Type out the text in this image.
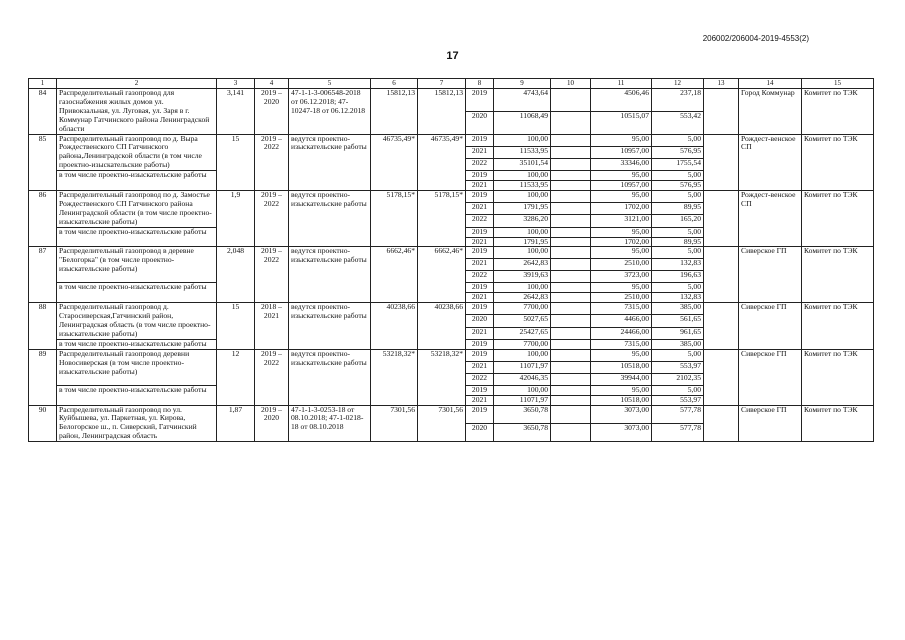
206002/206004-2019-4553(2)
17
1	2	3	4	5	6	7	8	9	10	11	12	13	14	15
84	Распределительный газопровод для газоснабжения жилых домов ул. Привокзальная, ул. Луговая, ул. Заря в г. Коммунар Гатчинского района Ленинградской области	3,141	2019 – 2020	47-1-1-3-006548-2018 от 06.12.2018; 47-10247-18 от 06.12.2018	15812,13	15812,13	2019	4743,64		4506,46	237,18		Город Коммунар	Комитет по ТЭК
							2020	11068,49		10515,07	553,42			
85	Распределительный газопровод по д. Выра Рождественского СП Гатчинского района,Ленинградской области (в том числе проектно-изыскательские работы)	15	2019 – 2022	ведутся проектно-изыскательские работы	46735,49*	46735,49*	2019	100,00		95,00	5,00		Рождест-венское СП	Комитет по ТЭК
							2021	11533,95		10957,00	576,95			
							2022	35101,54		33346,00	1755,54			
	в том числе проектно-изыскательские работы						2019	100,00		95,00	5,00			
							2021	11533,95		10957,00	576,95			
86	Распределительный газопровод по д. Замостье Рождественского СП Гатчинского района Ленинградской области (в том числе проектно-изыскательские работы)	1,9	2019 – 2022	ведутся проектно-изыскательские работы	5178,15*	5178,15*	2019	100,00		95,00	5,00		Рождест-венское СП	Комитет по ТЭК
							2021	1791,95		1702,00	89,95			
							2022	3286,20		3121,00	165,20			
	в том числе проектно-изыскательские работы						2019	100,00		95,00	5,00			
							2021	1791,95		1702,00	89,95			
87	Распределительный газопровод в деревне "Белогорка" (в том числе проектно-изыскательские работы)	2,048	2019 – 2022	ведутся проектно-изыскательские работы	6662,46*	6662,46*	2019	100,00		95,00	5,00		Сиверское ГП	Комитет по ТЭК
							2021	2642,83		2510,00	132,83			
							2022	3919,63		3723,00	196,63			
	в том числе проектно-изыскательские работы						2019	100,00		95,00	5,00			
							2021	2642,83		2510,00	132,83			
88	Распределительный газопровод д. Старосиверская,Гатчинский район, Ленинградская область (в том числе проектно-изыскательские работы)	15	2018 – 2021	ведутся проектно-изыскательские работы	40238,66	40238,66	2019	7700,00		7315,00	385,00		Сиверское ГП	Комитет по ТЭК
							2020	5027,65		4466,00	561,65			
							2021	25427,65		24466,00	961,65			
	в том числе проектно-изыскательские работы						2019	7700,00		7315,00	385,00			
89	Распределительный газопровод деревни Новосиверская (в том числе проектно-изыскательские работы)	12	2019 – 2022	ведутся проектно-изыскательские работы	53218,32*	53218,32*	2019	100,00		95,00	5,00		Сиверское ГП	Комитет по ТЭК
							2021	11071,97		10518,00	553,97			
							2022	42046,35		39944,00	2102,35			
	в том числе проектно-изыскательские работы						2019	100,00		95,00	5,00			
							2021	11071,97		10518,00	553,97			
90	Распределительный газопровод по ул. Куйбышева, ул. Паркетная, ул. Кирова, Белогорское ш., п. Сиверский, Гатчинский район, Ленинградская область	1,87	2019 – 2020	47-1-1-3-0253-18 от 08.10.2018; 47-1-0218-18 от 08.10.2018	7301,56	7301,56	2019	3650,78		3073,00	577,78		Сиверское ГП	Комитет по ТЭК
							2020	3650,78		3073,00	577,78			
